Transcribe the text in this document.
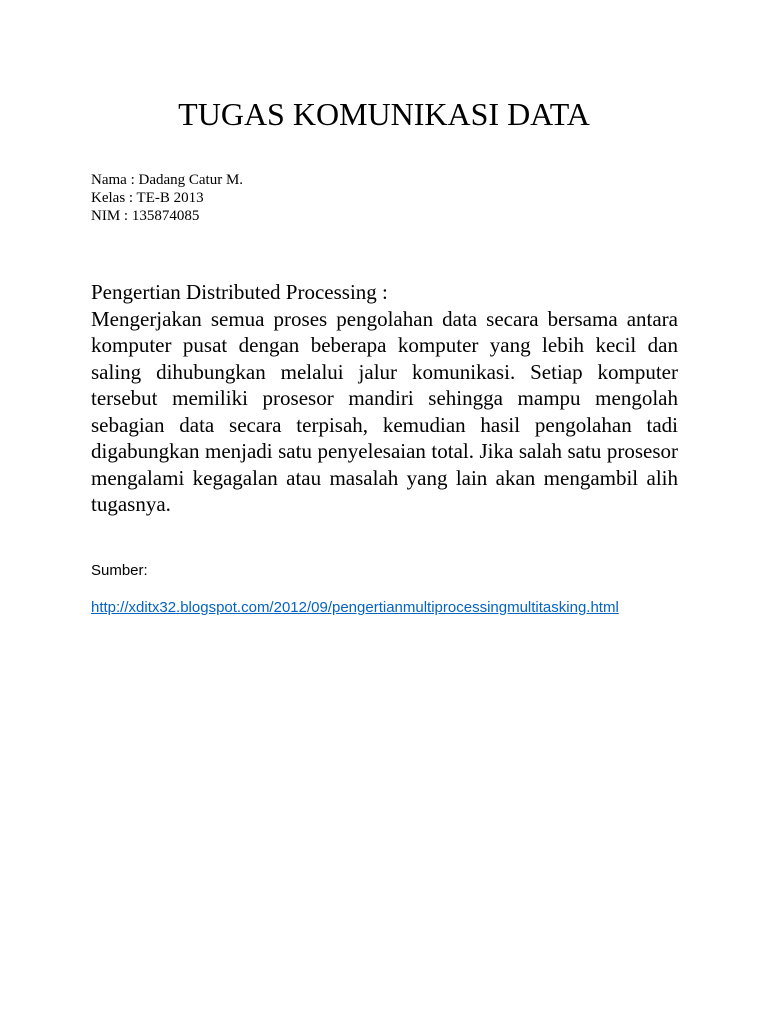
TUGAS KOMUNIKASI DATA
Nama : Dadang Catur M.
Kelas : TE-B 2013
NIM : 135874085

Pengertian Distributed Processing :

Mengerjakan semua proses pengolahan data secara bersama antara komputer pusat dengan beberapa komputer yang lebih kecil dan saling dihubungkan melalui jalur komunikasi. Setiap komputer tersebut memiliki prosesor mandiri sehingga mampu mengolah sebagian data secara terpisah, kemudian hasil pengolahan tadi digabungkan menjadi satu penyelesaian total. Jika salah satu prosesor mengalami kegagalan atau masalah yang lain akan mengambil alih tugasnya.

Sumber:
http://xditx32.blogspot.com/2012/09/pengertianmultiprocessingmultitasking.html
